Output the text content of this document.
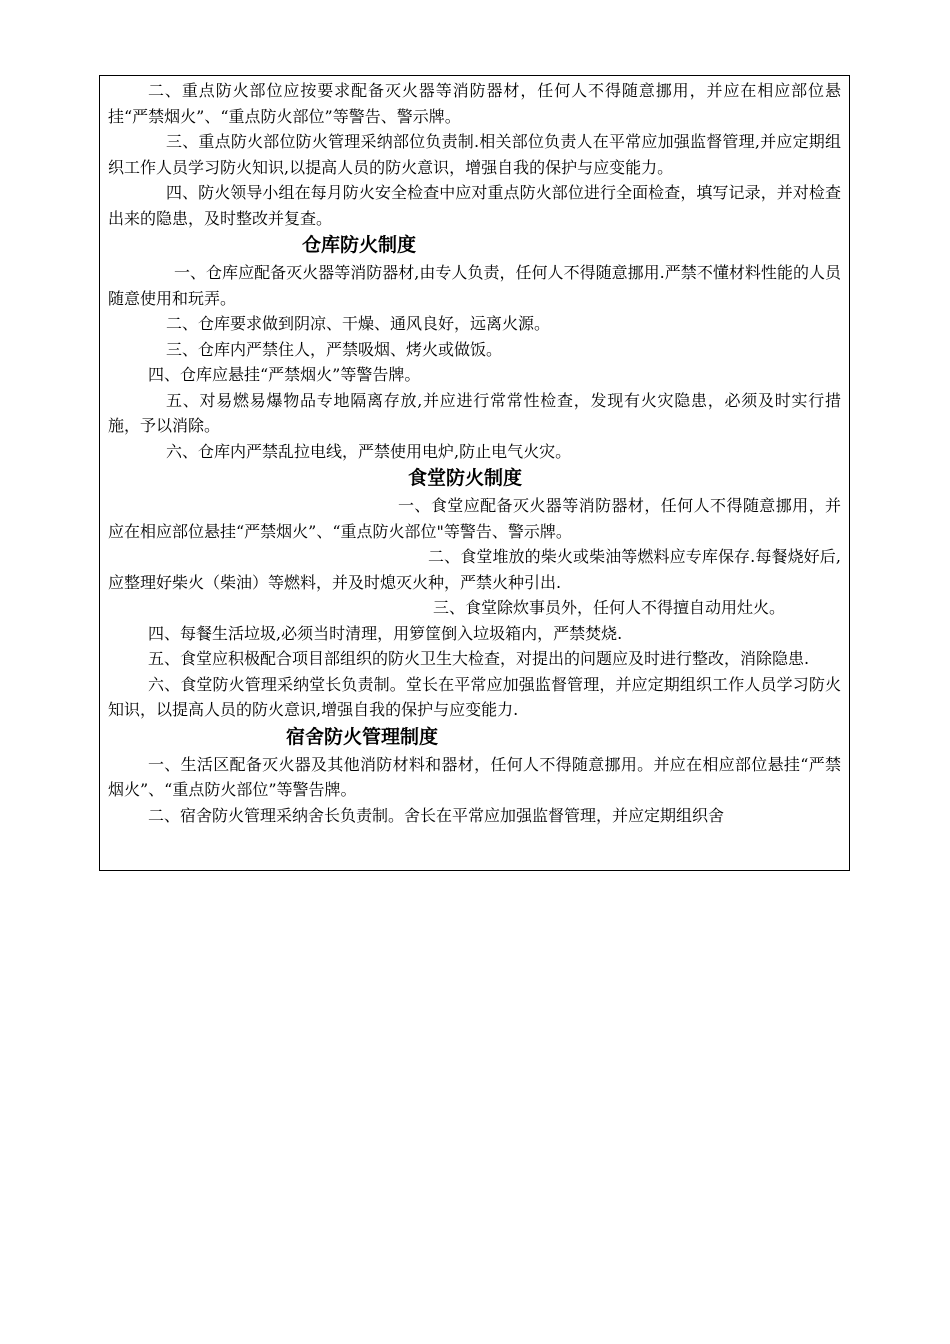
二、重点防火部位应按要求配备灭火器等消防器材，任何人不得随意挪用，并应在相应部位悬挂“严禁烟火”、“重点防火部位”等警告、警示牌。

三、重点防火部位防火管理采纳部位负责制.相关部位负责人在平常应加强监督管理,并应定期组织工作人员学习防火知识,以提高人员的防火意识，增强自我的保护与应变能力。

四、防火领导小组在每月防火安全检查中应对重点防火部位进行全面检查，填写记录，并对检查出来的隐患，及时整改并复查。

仓库防火制度

一、仓库应配备灭火器等消防器材,由专人负责，任何人不得随意挪用.严禁不懂材料性能的人员随意使用和玩弄。

二、仓库要求做到阴凉、干燥、通风良好，远离火源。

三、仓库内严禁住人，严禁吸烟、烤火或做饭。

四、仓库应悬挂“严禁烟火”等警告牌。

五、对易燃易爆物品专地隔离存放,并应进行常常性检查，发现有火灾隐患，必须及时实行措施，予以消除。

六、仓库内严禁乱拉电线，严禁使用电炉,防止电气火灾。

食堂防火制度

一、食堂应配备灭火器等消防器材，任何人不得随意挪用，并应在相应部位悬挂“严禁烟火”、“重点防火部位"等警告、警示牌。

二、食堂堆放的柴火或柴油等燃料应专库保存.每餐烧好后,应整理好柴火（柴油）等燃料，并及时熄灭火种，严禁火种引出.

三、食堂除炊事员外，任何人不得擅自动用灶火。

四、每餐生活垃圾,必须当时清理，用箩筐倒入垃圾箱内，严禁焚烧.

五、食堂应积极配合项目部组织的防火卫生大检查，对提出的问题应及时进行整改，消除隐患.

六、食堂防火管理采纳堂长负责制。堂长在平常应加强监督管理，并应定期组织工作人员学习防火知识，以提高人员的防火意识,增强自我的保护与应变能力.

宿舍防火管理制度

一、生活区配备灭火器及其他消防材料和器材，任何人不得随意挪用。并应在相应部位悬挂“严禁烟火”、“重点防火部位”等警告牌。

二、宿舍防火管理采纳舍长负责制。舍长在平常应加强监督管理，并应定期组织舍
